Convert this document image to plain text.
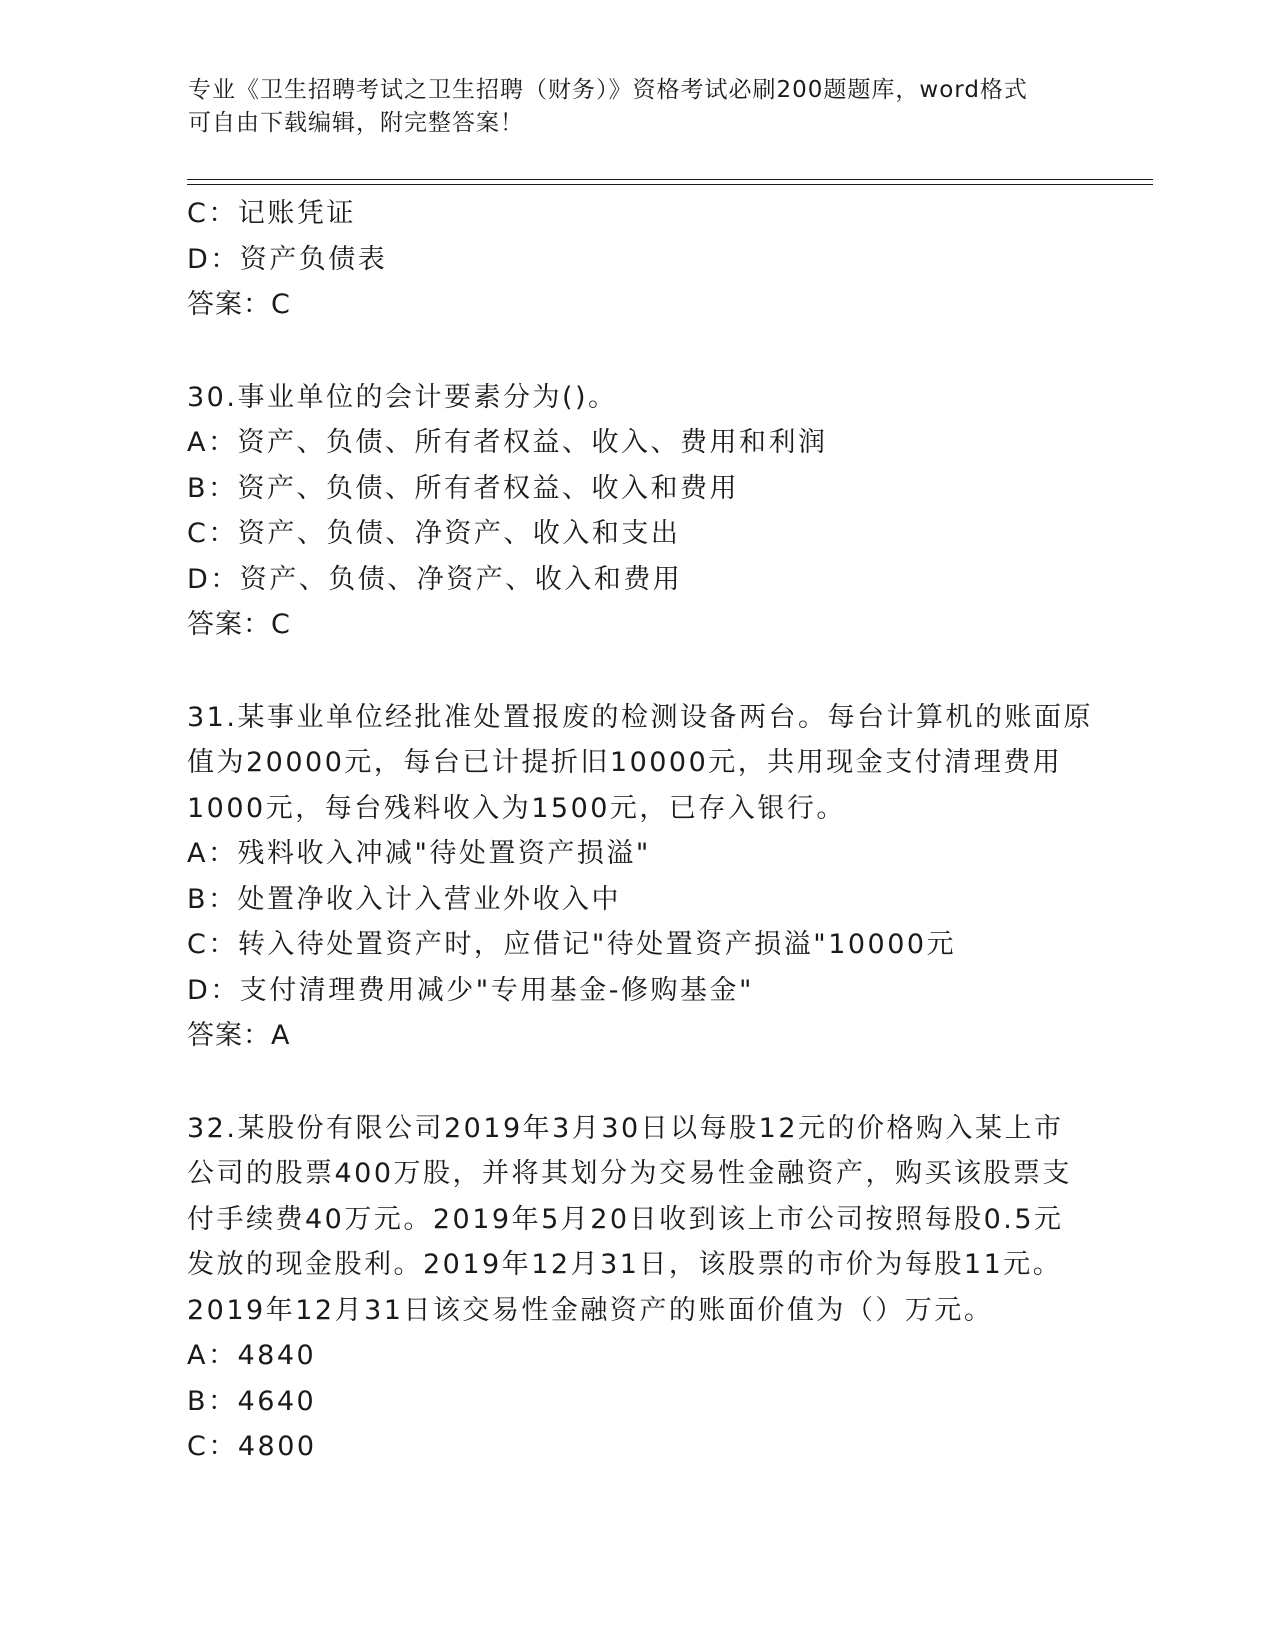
专业《卫生招聘考试之卫生招聘（财务）》资格考试必刷200题题库，word格式
可自由下载编辑，附完整答案！
C：记账凭证
D：资产负债表
答案：C
30.事业单位的会计要素分为()。
A：资产、负债、所有者权益、收入、费用和利润
B：资产、负债、所有者权益、收入和费用
C：资产、负债、净资产、收入和支出
D：资产、负债、净资产、收入和费用
答案：C
31.某事业单位经批准处置报废的检测设备两台。每台计算机的账面原
值为20000元，每台已计提折旧10000元，共用现金支付清理费用
1000元，每台残料收入为1500元，已存入银行。
A：残料收入冲减"待处置资产损溢"
B：处置净收入计入营业外收入中
C：转入待处置资产时，应借记"待处置资产损溢"10000元
D：支付清理费用减少"专用基金-修购基金"
答案：A
32.某股份有限公司2019年3月30日以每股12元的价格购入某上市
公司的股票400万股，并将其划分为交易性金融资产，购买该股票支
付手续费40万元。2019年5月20日收到该上市公司按照每股0.5元
发放的现金股利。2019年12月31日，该股票的市价为每股11元。
2019年12月31日该交易性金融资产的账面价值为（）万元。
A：4840
B：4640
C：4800
